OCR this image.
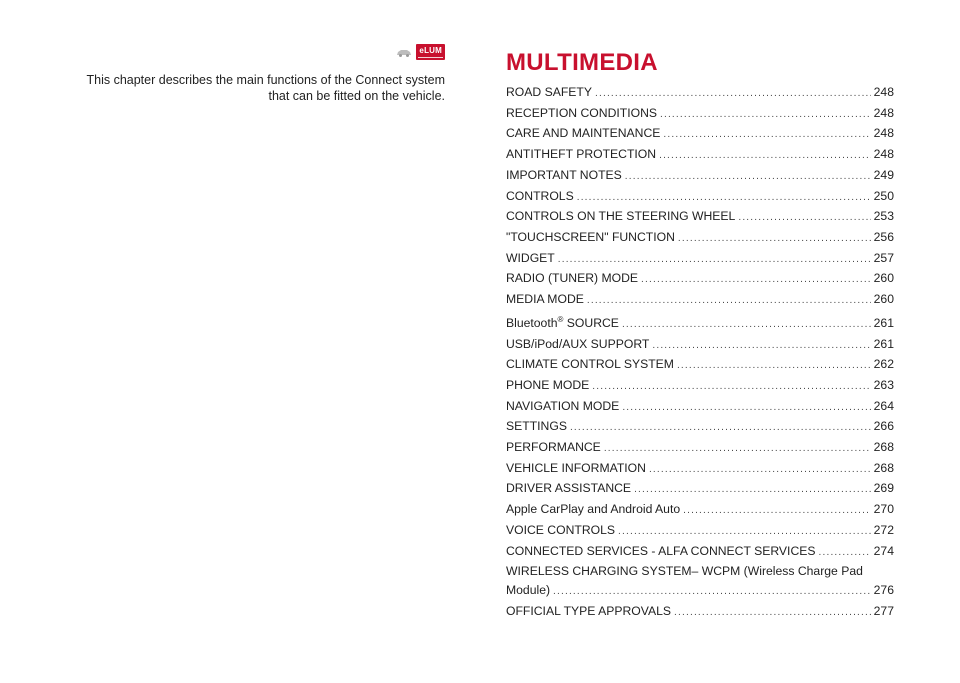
eLUM
This chapter describes the main functions of the Connect system that can be fitted on the vehicle.
MULTIMEDIA
ROAD SAFETY .....	248
RECEPTION CONDITIONS .....	248
CARE AND MAINTENANCE .....	248
ANTITHEFT PROTECTION .....	248
IMPORTANT NOTES .....	249
CONTROLS .....	250
CONTROLS ON THE STEERING WHEEL .....	253
"TOUCHSCREEN" FUNCTION .....	256
WIDGET .....	257
RADIO (TUNER) MODE .....	260
MEDIA MODE .....	260
Bluetooth® SOURCE .....	261
USB/iPod/AUX SUPPORT .....	261
CLIMATE CONTROL SYSTEM .....	262
PHONE MODE .....	263
NAVIGATION MODE .....	264
SETTINGS .....	266
PERFORMANCE .....	268
VEHICLE INFORMATION .....	268
DRIVER ASSISTANCE .....	269
Apple CarPlay and Android Auto .....	270
VOICE CONTROLS .....	272
CONNECTED SERVICES - ALFA CONNECT SERVICES .....	274
WIRELESS CHARGING SYSTEM– WCPM (Wireless Charge Pad
Module) .....	276
OFFICIAL TYPE APPROVALS .....	277
